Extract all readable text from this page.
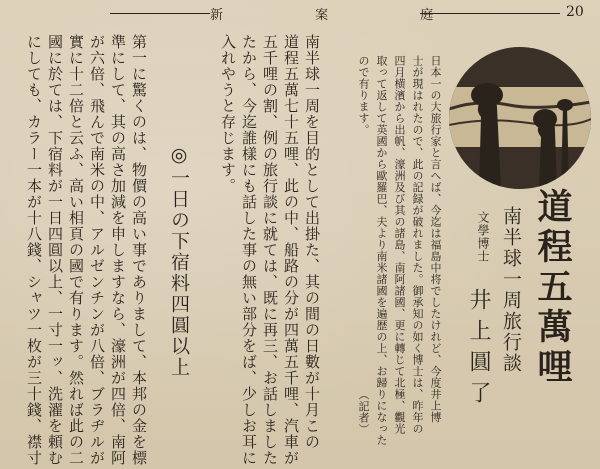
新 案 庭	20
道程五萬哩
南半球一周旅行談
文學博士
井上圓了
日本一の大旅行家と言へば、今迄は福島中将でしたけれど、今度井上博
士が現はれたので、此の記録が破れました。御承知の如く博士は、昨年の
四月横濱から出帆、濠洲及び其の諸島、南阿諸國、更に轉じて北極、觀光
取って返して英國から歐羅巴、夫より南米諸國を遍歴の上、お歸りになった
ので有ります。　　　　　　　　　　　　　　　　　　　　　　　（記者）
南半球一周を目的として出掛た、其の間の日數が十月この
道程五萬七十五哩、此の中、船路の分が四萬五千哩、汽車が
五千哩の割、例の旅行談に就ては、既に再三、お話しました
たから、今迄誰樣にも話した事の無い部分をば、少しお耳に
入れやうと存じます。
◎一日の下宿料四圓以上
第一に驚くのは、物價の高い事でありまして、本邦の金を標
準にして、其の高さ加減を申しますなら、濠洲が四倍、南阿
が六倍、飛んで南米の中、アルゼンチンが八倍、ブラヂルが
實に十二倍と云ふ、高い相頁の國で有ります。然れば此の二
國に於ては、下宿料が一日四圓以上、一寸一ッ、洗濯を頼む
にしても、カラー一本が十八錢、シャツ一枚が三十錢、襟寸
